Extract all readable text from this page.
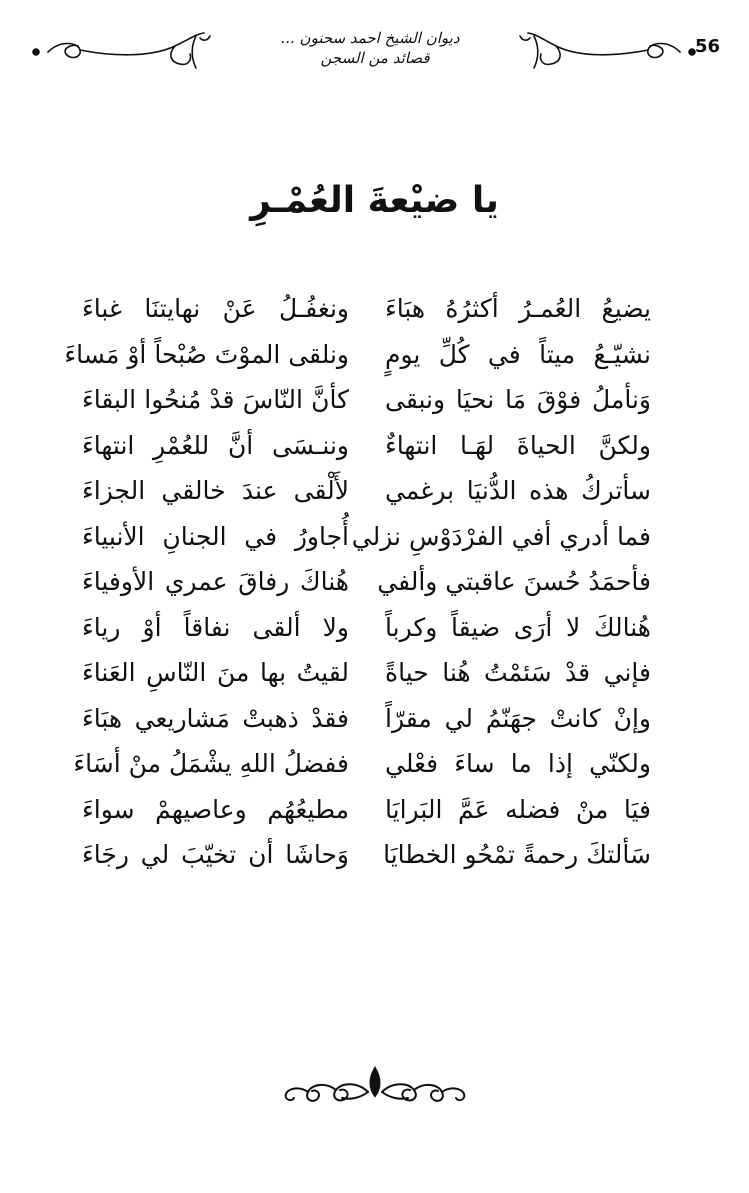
56
ديوان الشيخ احمد سحنون ...
قصائد من السجن
يا ضيْعةَ العُمْـرِ
يضيعُ العُمـرُ أكثرُهُ هبَاءَ
ونغفُـلُ عَنْ نهايتنَا غباءَ
نشيّـعُ ميتاً في كُلِّ يومٍ
ونلقى الموْتَ صُبْحاً أوْ مَساءَ
وَنأملُ فوْقَ مَا نحيَا ونبقى
كأنَّ النّاسَ قدْ مُنحُوا البقاءَ
ولكنَّ الحياةَ لهَـا انتهاءٌ
وننـسَى أنَّ للعُمْرِ انتهاءَ
سأتركُ هذه الدُّنيَا برغمي
لأَلْقى عندَ خالقي الجزاءَ
فما أدري أفي الفرْدَوْسِ نزلي
أُجاورُ في الجنانِ الأنبياءَ
فأحمَدُ حُسنَ عاقبتي وألفي
هُناكَ رفاقَ عمري الأوفياءَ
هُنالكَ لا أرَى ضيقاً وكرباً
ولا ألقى نفاقاً أوْ رياءَ
فإني قدْ سَئمْتُ هُنا حياةً
لقيتُ بها منَ النّاسِ العَناءَ
وإنْ كانتْ جهَنّمُ لي مقرّاً
فقدْ ذهبتْ مَشاريعي هبَاءَ
ولكنّي إذا ما ساءَ فعْلي
ففضلُ اللهِ يشْمَلُ منْ أسَاءَ
فيَا منْ فضله عَمَّ البَرايَا
مطيعُهُم وعاصيهمْ سواءَ
سَألتكَ رحمةً تمْحُو الخطايَا
وَحاشَا أن تخيّبَ لي رجَاءَ
